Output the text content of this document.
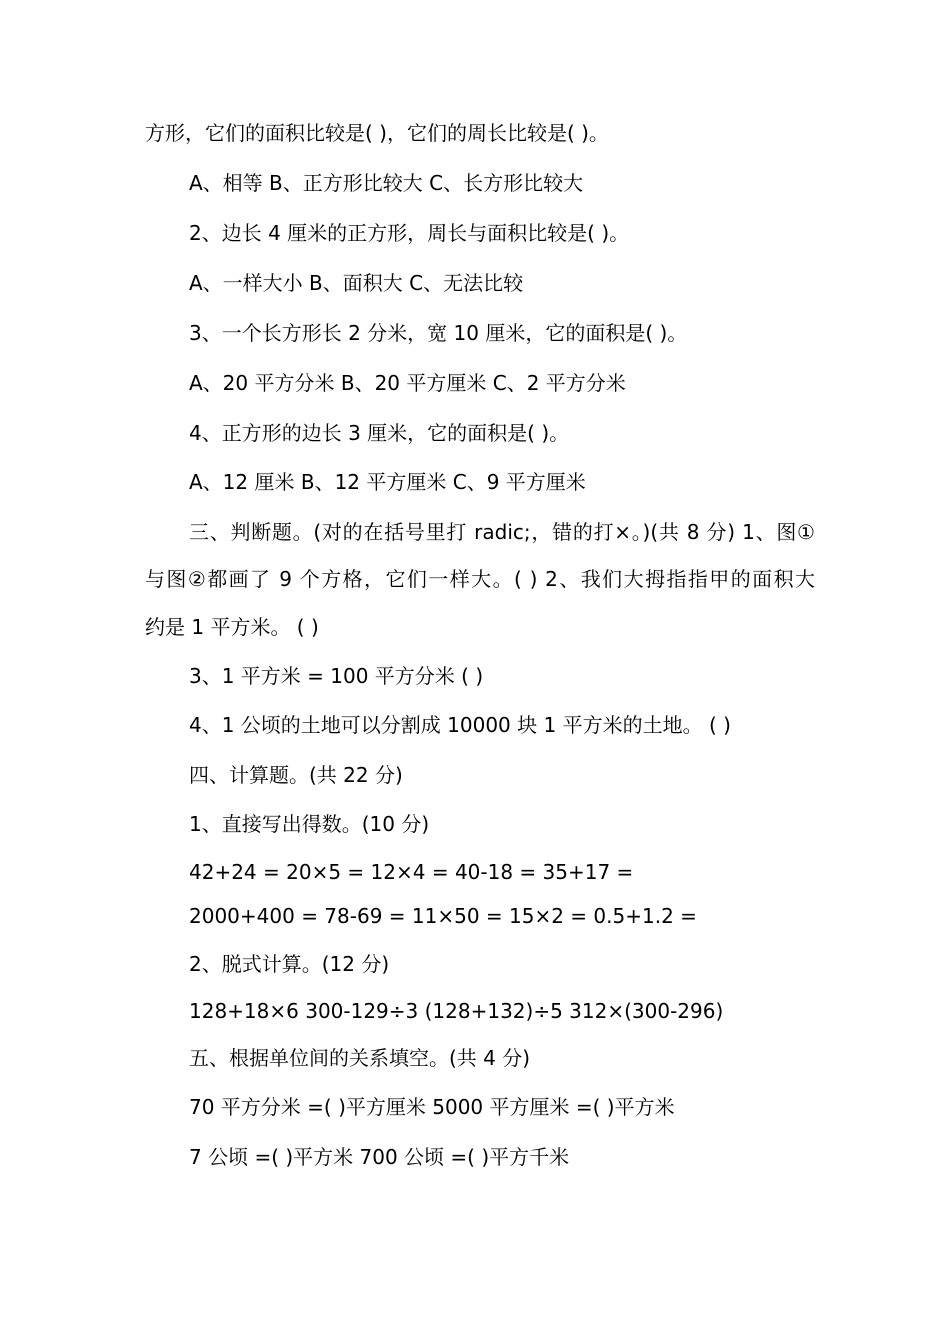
方形，它们的面积比较是( )，它们的周长比较是( )。
A、相等 B、正方形比较大 C、长方形比较大
2、边长 4 厘米的正方形，周长与面积比较是( )。
A、一样大小 B、面积大 C、无法比较
3、一个长方形长 2 分米，宽 10 厘米，它的面积是( )。
A、20 平方分米 B、20 平方厘米 C、2 平方分米
4、正方形的边长 3 厘米，它的面积是( )。
A、12 厘米 B、12 平方厘米 C、9 平方厘米
三、判断题。(对的在括号里打 radic;，错的打×。)(共 8 分) 1、图①
与图②都画了 9 个方格，它们一样大。( ) 2、我们大拇指指甲的面积大
约是 1 平方米。 ( )
3、1 平方米 = 100 平方分米 ( )
4、1 公顷的土地可以分割成 10000 块 1 平方米的土地。 ( )
四、计算题。(共 22 分)
1、直接写出得数。(10 分)
42+24 = 20×5 = 12×4 = 40-18 = 35+17 =
2000+400 = 78-69 = 11×50 = 15×2 = 0.5+1.2 =
2、脱式计算。(12 分)
128+18×6 300-129÷3 (128+132)÷5 312×(300-296)
五、根据单位间的关系填空。(共 4 分)
70 平方分米 =( )平方厘米 5000 平方厘米 =( )平方米
7 公顷 =( )平方米 700 公顷 =( )平方千米
